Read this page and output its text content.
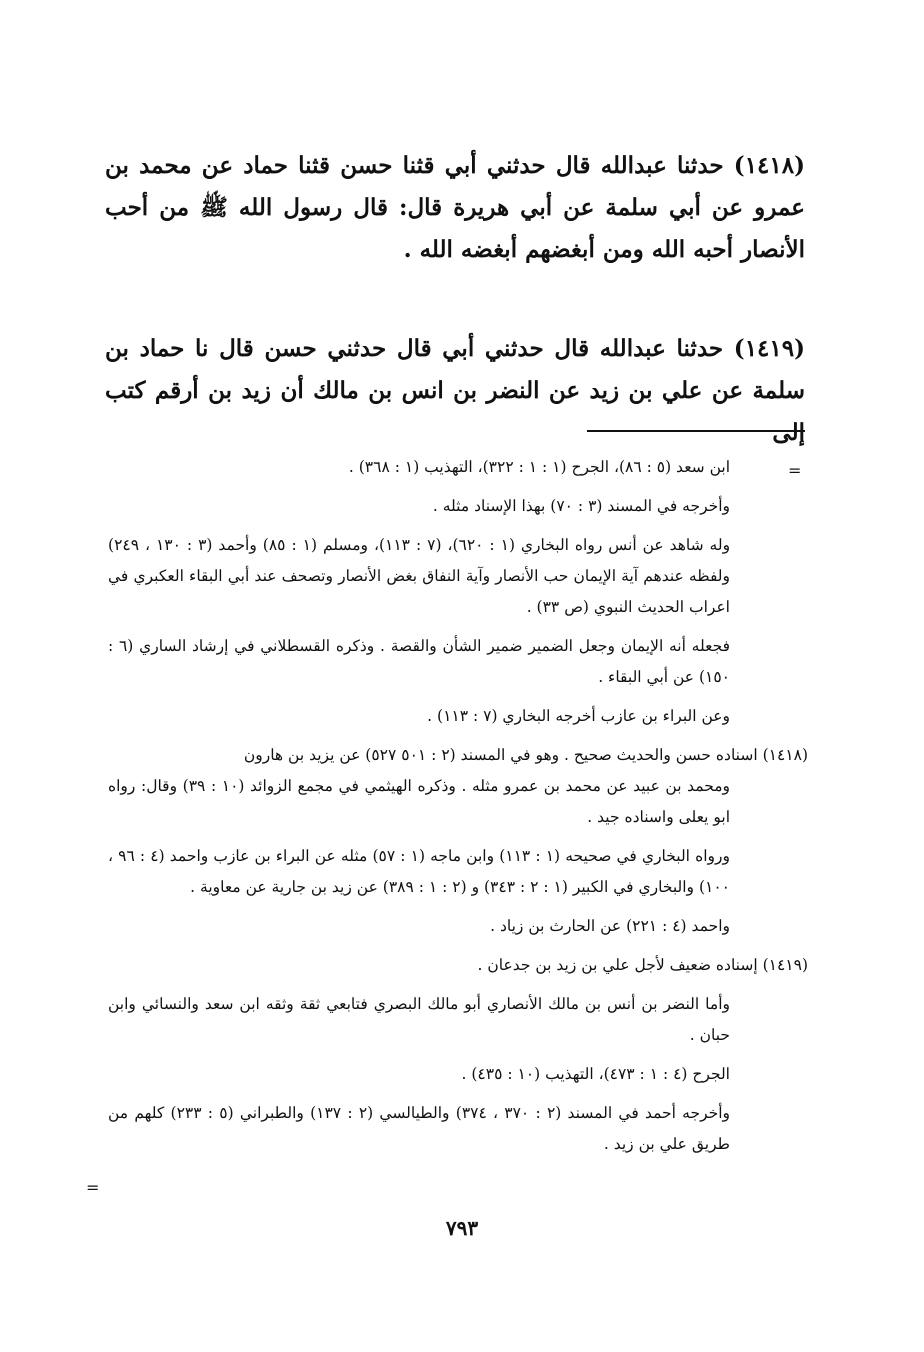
(١٤١٨) حدثنا عبدالله قال حدثني أبي قثنا حسن قثنا حماد عن محمد بن عمرو عن أبي سلمة عن أبي هريرة قال: قال رسول الله ﷺ من أحب الأنصار أحبه الله ومن أبغضهم أبغضه الله .

(١٤١٩) حدثنا عبدالله قال حدثني أبي قال حدثني حسن قال نا حماد بن سلمة عن علي بن زيد عن النضر بن انس بن مالك أن زيد بن أرقم كتب إلى

=

ابن سعد (٥ : ٨٦)، الجرح (١ : ١ : ٣٢٢)، التهذيب (١ : ٣٦٨) .

وأخرجه في المسند (٣ : ٧٠) بهذا الإسناد مثله .

وله شاهد عن أنس رواه البخاري (١ : ٦٢٠)، (٧ : ١١٣)، ومسلم (١ : ٨٥) وأحمد (٣ : ١٣٠ ، ٢٤٩) ولفظه عندهم آية الإيمان حب الأنصار وآية النفاق بغض الأنصار وتصحف عند أبي البقاء العكبري في اعراب الحديث النبوي (ص ٣٣) .

فجعله أنه الإيمان وجعل الضمير ضمير الشأن والقصة . وذكره القسطلاني في إرشاد الساري (٦ : ١٥٠) عن أبي البقاء .

وعن البراء بن عازب أخرجه البخاري (٧ : ١١٣) .

(١٤١٨) اسناده حسن والحديث صحيح . وهو في المسند (٢ : ٥٠١ ٥٢٧) عن يزيد بن هارون
ومحمد بن عبيد عن محمد بن عمرو مثله . وذكره الهيثمي في مجمع الزوائد (١٠ : ٣٩) وقال: رواه ابو يعلى واسناده جيد .

ورواه البخاري في صحيحه (١ : ١١٣) وابن ماجه (١ : ٥٧) مثله عن البراء بن عازب واحمد (٤ : ٩٦ ، ١٠٠) والبخاري في الكبير (١ : ٢ : ٣٤٣) و (٢ : ١ : ٣٨٩) عن زيد بن جارية عن معاوية .

واحمد (٤ : ٢٢١) عن الحارث بن زياد .

(١٤١٩) إسناده ضعيف لأجل علي بن زيد بن جدعان .

وأما النضر بن أنس بن مالك الأنصاري أبو مالك البصري فتابعي ثقة وثقه ابن سعد والنسائي وابن حبان .

الجرح (٤ : ١ : ٤٧٣)، التهذيب (١٠ : ٤٣٥) .

وأخرجه أحمد في المسند (٢ : ٣٧٠ ، ٣٧٤) والطيالسي (٢ : ١٣٧) والطبراني (٥ : ٢٣٣) كلهم من طريق علي بن زيد .

=
٧٩٣
